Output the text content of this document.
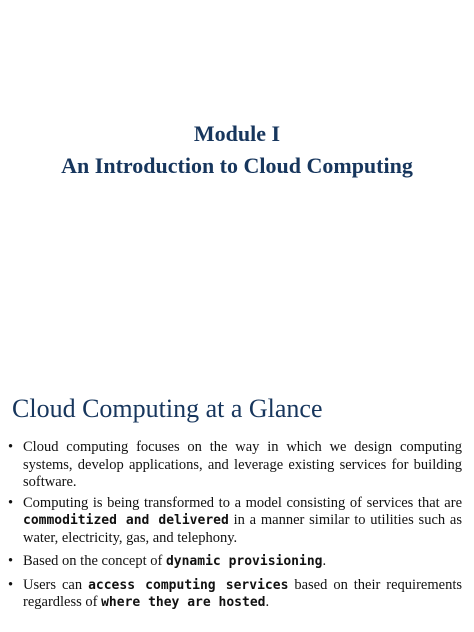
Module I
An Introduction to Cloud Computing
Cloud Computing at a Glance
• Cloud computing focuses on the way in which we design computing systems, develop applications, and leverage existing services for building software.
• Computing is being transformed to a model consisting of services that are commoditized and delivered in a manner similar to utilities such as water, electricity, gas, and telephony.
• Based on the concept of dynamic provisioning.
• Users can access computing services based on their requirements regardless of where they are hosted.
